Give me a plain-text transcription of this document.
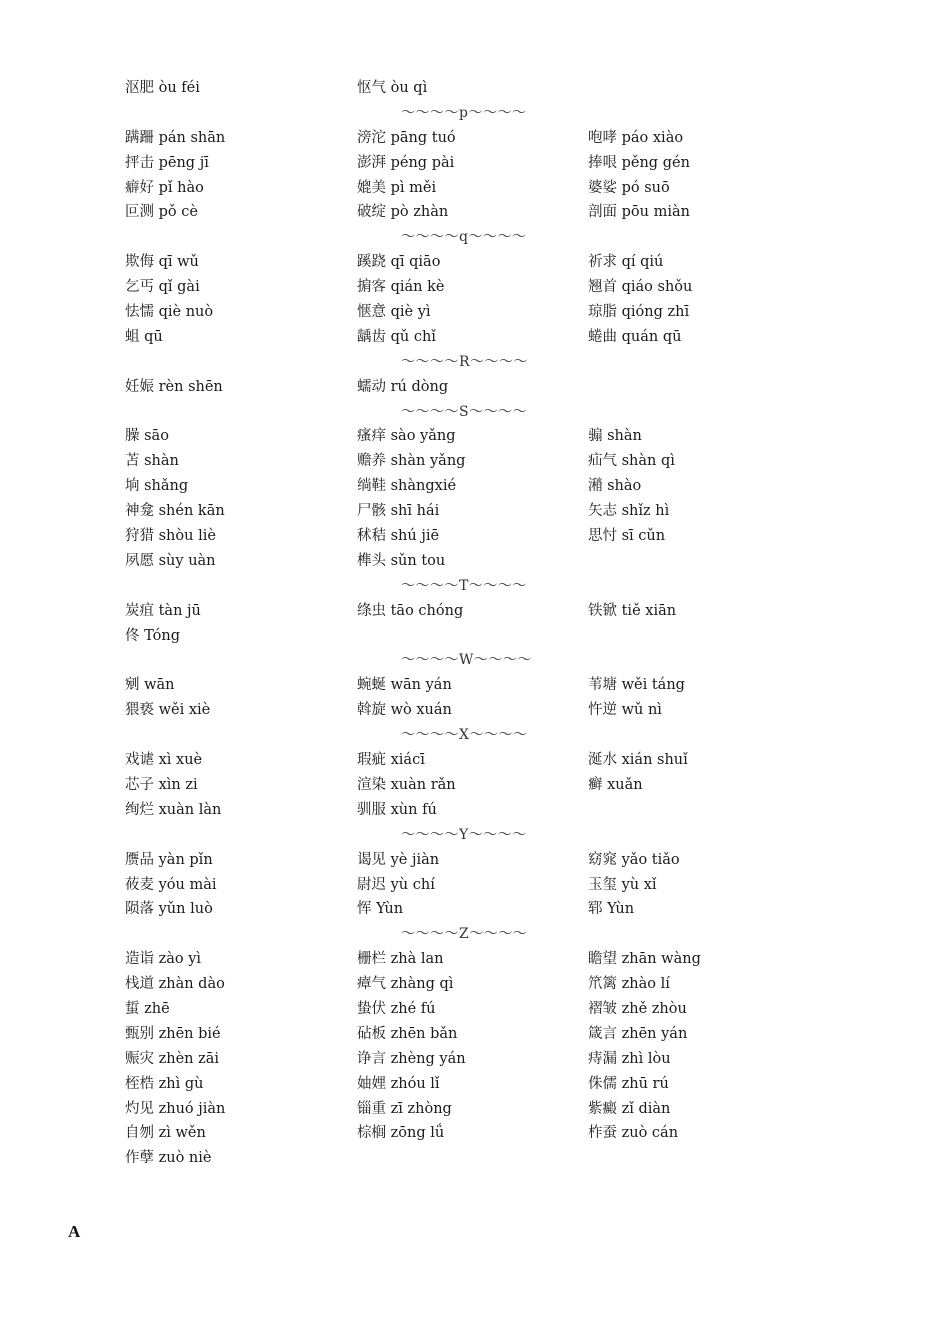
沤肥 òu féi	怄气 òu qì
～～～～p～～～～
蹒跚 pán shān	滂沱 pāng tuó	咆哮 páo xiào
抨击 pēng jī	澎湃 péng pài	捧哏 pěng gén
癖好 pǐ hào	媲美 pì měi	婆娑 pó suō
叵测 pǒ cè	破绽 pò zhàn	剖面 pōu miàn
～～～～q～～～～
欺侮 qī wǔ	蹊跷 qī qiāo	祈求 qí qiú
乞丐 qǐ gài	掮客 qián kè	翘首 qiáo shǒu
怯懦 qiè nuò	惬意 qiè yì	琼脂 qióng zhī
蛆 qū	龋齿 qǔ chǐ	蜷曲 quán qū
～～～～R～～～～
妊娠 rèn shēn	蠕动 rú dòng
～～～～S～～～～
臊 sāo	瘙痒 sào yǎng	骟 shàn
苫 shàn	赡养 shàn yǎng	疝气 shàn qì
垧 shǎng	绱鞋 shàngxié	潲 shào
神龛 shén kān	尸骸 shī hái	矢志 shǐz hì
狩猎 shòu liè	秫秸 shú jiē	思忖 sī cǔn
夙愿 sùy uàn	榫头 sǔn tou
～～～～T～～～～
炭疽 tàn jū	绦虫 tāo chóng	铁锨 tiě xiān
佟 Tóng
～～～～W～～～～
剜 wān	蜿蜒 wān yán	苇塘 wěi táng
猥亵 wěi xiè	斡旋 wò xuán	忤逆 wǔ nì
～～～～X～～～～
戏谑 xì xuè	瑕疵 xiácī	涎水 xián shuǐ
芯子 xìn zi	渲染 xuàn rǎn	癣 xuǎn
绚烂 xuàn làn	驯服 xùn fú
～～～～Y～～～～
赝品 yàn pǐn	谒见 yè jiàn	窈窕 yǎo tiǎo
莜麦 yóu mài	尉迟 yù chí	玉玺 yù xǐ
陨落 yǔn luò	恽 Yùn	郓 Yùn
～～～～Z～～～～
造诣 zào yì	栅栏 zhà lan	瞻望 zhān wàng
栈道 zhàn dào	瘴气 zhàng qì	笊篱 zhào lí
蜇 zhē	蛰伏 zhé fú	褶皱 zhě zhòu
甄别 zhēn bié	砧板 zhēn bǎn	箴言 zhēn yán
赈灾 zhèn zāi	诤言 zhèng yán	痔漏 zhì lòu
桎梏 zhì gù	妯娌 zhóu lǐ	侏儒 zhū rú
灼见 zhuó jiàn	锱重 zī zhòng	紫癜 zǐ diàn
自刎 zì wěn	棕榈 zōng lǘ	柞蚕 zuò cán
作孽 zuò niè
A
